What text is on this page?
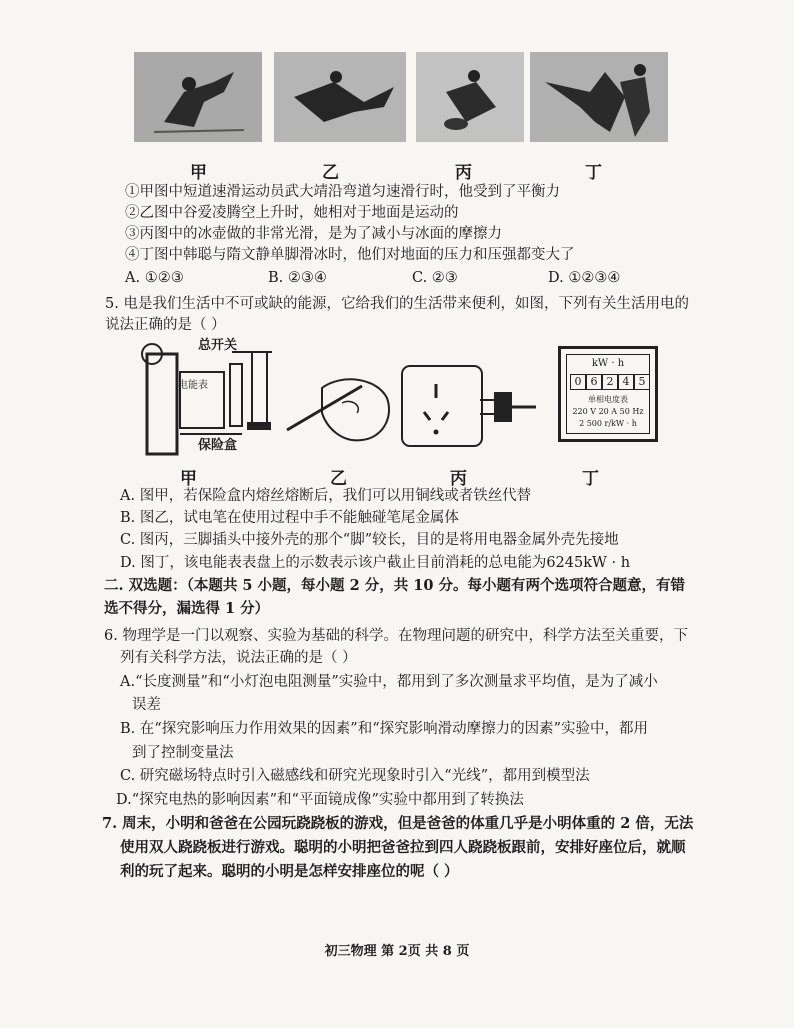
甲	乙	丙	丁
①甲图中短道速滑运动员武大靖沿弯道匀速滑行时，他受到了平衡力
②乙图中谷爱凌腾空上升时，她相对于地面是运动的
③丙图中的冰壶做的非常光滑，是为了减小与冰面的摩擦力
④丁图中韩聪与隋文静单脚滑冰时，他们对地面的压力和压强都变大了
A. ①②③	B. ②③④	C. ②③	D. ①②③④
5. 电是我们生活中不可或缺的能源，它给我们的生活带来便利，如图，下列有关生活用电的
说法正确的是（ ）
总开关
电能表
保险盒
kW · h
0 6 2 4 5
单相电度表
220 V 20 A 50 Hz
2 500 r/kW · h
甲	乙	丙	丁
A. 图甲，若保险盒内熔丝熔断后，我们可以用铜线或者铁丝代替
B. 图乙，试电笔在使用过程中手不能触碰笔尾金属体
C. 图丙，三脚插头中接外壳的那个“脚”较长，目的是将用电器金属外壳先接地
D. 图丁，该电能表表盘上的示数表示该户截止目前消耗的总电能为6245kW · h
二. 双选题：（本题共 5 小题，每小题 2 分，共 10 分。每小题有两个选项符合题意，有错
选不得分，漏选得 1 分）
6. 物理学是一门以观察、实验为基础的科学。在物理问题的研究中，科学方法至关重要，下
列有关科学方法，说法正确的是（ ）
A.“长度测量”和“小灯泡电阻测量”实验中，都用到了多次测量求平均值，是为了减小
误差
B. 在“探究影响压力作用效果的因素”和“探究影响滑动摩擦力的因素”实验中，都用
到了控制变量法
C. 研究磁场特点时引入磁感线和研究光现象时引入“光线”，都用到模型法
D.“探究电热的影响因素”和“平面镜成像”实验中都用到了转换法
7. 周末，小明和爸爸在公园玩跷跷板的游戏，但是爸爸的体重几乎是小明体重的 2 倍，无法
使用双人跷跷板进行游戏。聪明的小明把爸爸拉到四人跷跷板跟前，安排好座位后，就顺
利的玩了起来。聪明的小明是怎样安排座位的呢（ ）
初三物理 第 2页 共 8 页
